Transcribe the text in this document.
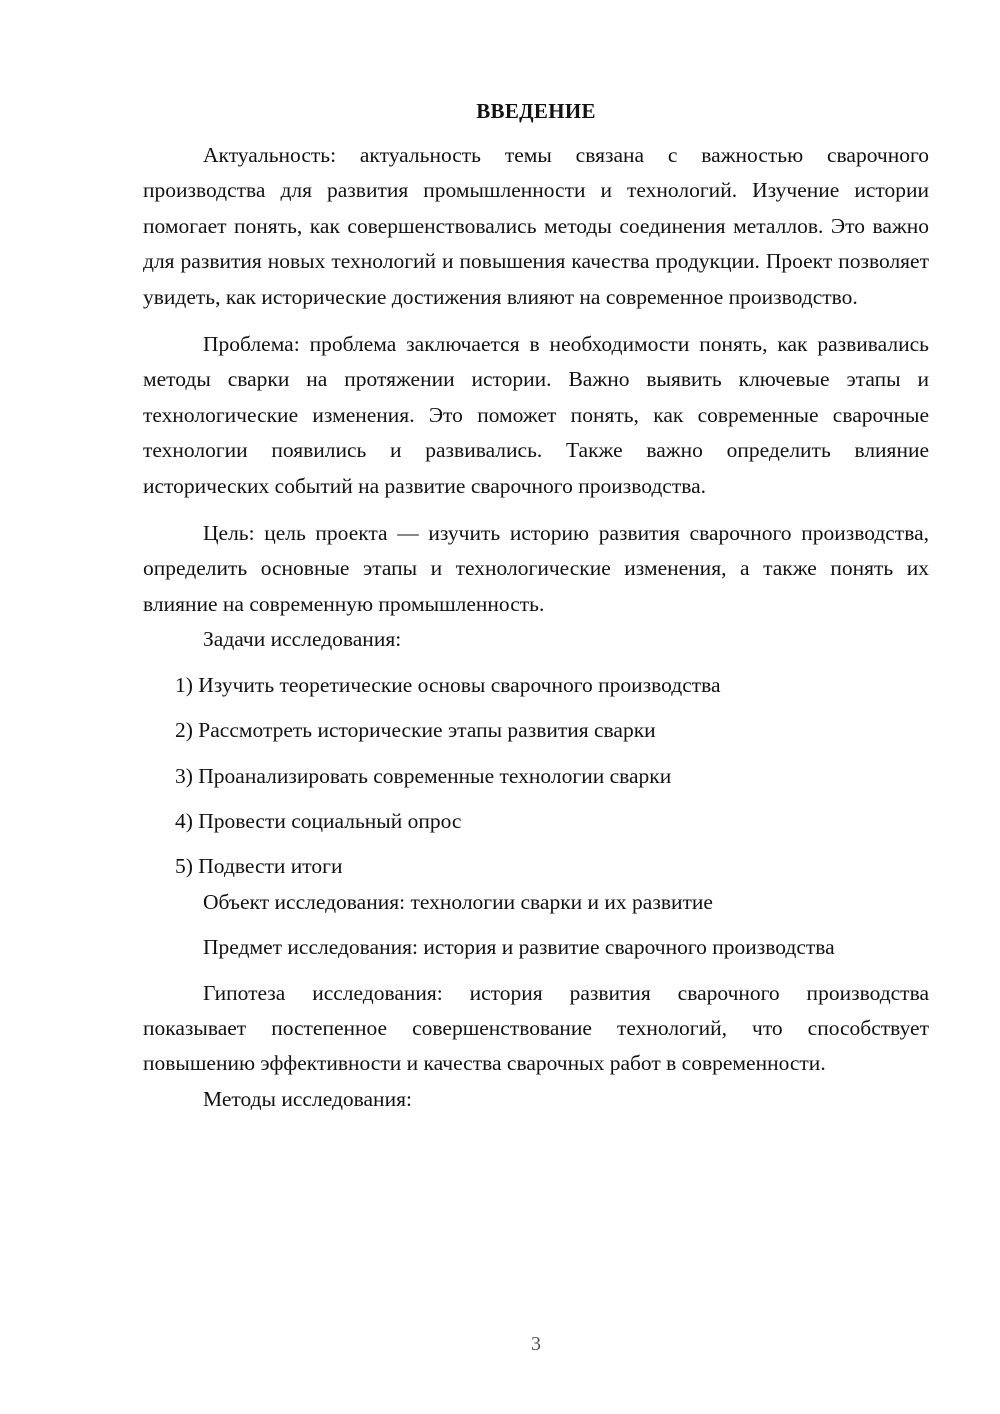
ВВЕДЕНИЕ

Актуальность: актуальность темы связана с важностью сварочного производства для развития промышленности и технологий. Изучение истории помогает понять, как совершенствовались методы соединения металлов. Это важно для развития новых технологий и повышения качества продукции. Проект позволяет увидеть, как исторические достижения влияют на современное производство.

Проблема: проблема заключается в необходимости понять, как развивались методы сварки на протяжении истории. Важно выявить ключевые этапы и технологические изменения. Это поможет понять, как современные сварочные технологии появились и развивались. Также важно определить влияние исторических событий на развитие сварочного производства.

Цель: цель проекта — изучить историю развития сварочного производства, определить основные этапы и технологические изменения, а также понять их влияние на современную промышленность.

Задачи исследования:

1) Изучить теоретические основы сварочного производства
2) Рассмотреть исторические этапы развития сварки
3) Проанализировать современные технологии сварки
4) Провести социальный опрос
5) Подвести итоги

Объект исследования: технологии сварки и их развитие

Предмет исследования: история и развитие сварочного производства

Гипотеза исследования: история развития сварочного производства показывает постепенное совершенствование технологий, что способствует повышению эффективности и качества сварочных работ в современности.

Методы исследования:

3
